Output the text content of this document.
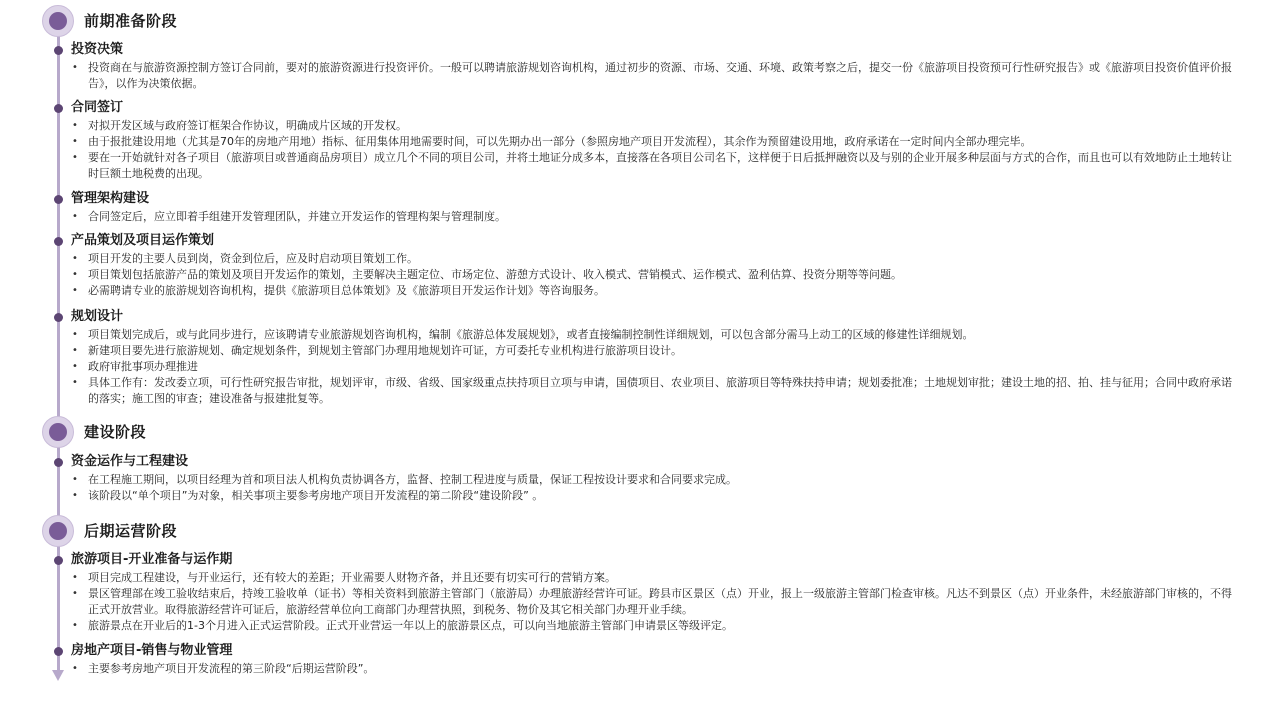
前期准备阶段
投资决策
• 投资商在与旅游资源控制方签订合同前，要对的旅游资源进行投资评价。一般可以聘请旅游规划咨询机构，通过初步的资源、市场、交通、环境、政策考察之后，提交一份《旅游项目投资预可行性研究报告》或《旅游项目投资价值评价报告》，以作为决策依据。
合同签订
• 对拟开发区域与政府签订框架合作协议，明确成片区域的开发权。
• 由于报批建设用地（尤其是70年的房地产用地）指标、征用集体用地需要时间，可以先期办出一部分（参照房地产项目开发流程），其余作为预留建设用地，政府承诺在一定时间内全部办理完毕。
• 要在一开始就针对各子项目（旅游项目或普通商品房项目）成立几个不同的项目公司，并将土地证分成多本，直接落在各项目公司名下，这样便于日后抵押融资以及与别的企业开展多种层面与方式的合作，而且也可以有效地防止土地转让时巨额土地税费的出现。
管理架构建设
• 合同签定后，应立即着手组建开发管理团队，并建立开发运作的管理构架与管理制度。
产品策划及项目运作策划
• 项目开发的主要人员到岗，资金到位后，应及时启动项目策划工作。
• 项目策划包括旅游产品的策划及项目开发运作的策划，主要解决主题定位、市场定位、游憩方式设计、收入模式、营销模式、运作模式、盈利估算、投资分期等等问题。
• 必需聘请专业的旅游规划咨询机构，提供《旅游项目总体策划》及《旅游项目开发运作计划》等咨询服务。
规划设计
• 项目策划完成后，或与此同步进行，应该聘请专业旅游规划咨询机构，编制《旅游总体发展规划》，或者直接编制控制性详细规划，可以包含部分需马上动工的区域的修建性详细规划。
• 新建项目要先进行旅游规划、确定规划条件，到规划主管部门办理用地规划许可证，方可委托专业机构进行旅游项目设计。
• 政府审批事项办理推进
• 具体工作有：发改委立项，可行性研究报告审批，规划评审，市级、省级、国家级重点扶持项目立项与申请，国债项目、农业项目、旅游项目等特殊扶持申请；规划委批准；土地规划审批；建设土地的招、拍、挂与征用；合同中政府承诺的落实；施工图的审查；建设准备与报建批复等。
建设阶段
资金运作与工程建设
• 在工程施工期间，以项目经理为首和项目法人机构负责协调各方，监督、控制工程进度与质量，保证工程按设计要求和合同要求完成。
• 该阶段以“单个项目”为对象，相关事项主要参考房地产项目开发流程的第二阶段“建设阶段” 。
后期运营阶段
旅游项目-开业准备与运作期
• 项目完成工程建设，与开业运行，还有较大的差距；开业需要人财物齐备，并且还要有切实可行的营销方案。
• 景区管理部在竣工验收结束后，持竣工验收单（证书）等相关资料到旅游主管部门（旅游局）办理旅游经营许可证。跨县市区景区（点）开业，报上一级旅游主管部门检查审核。凡达不到景区（点）开业条件，未经旅游部门审核的，不得正式开放营业。取得旅游经营许可证后，旅游经营单位向工商部门办理营执照，到税务、物价及其它相关部门办理开业手续。
• 旅游景点在开业后的1-3个月进入正式运营阶段。正式开业营运一年以上的旅游景区点，可以向当地旅游主管部门申请景区等级评定。
房地产项目-销售与物业管理
• 主要参考房地产项目开发流程的第三阶段“后期运营阶段”。
